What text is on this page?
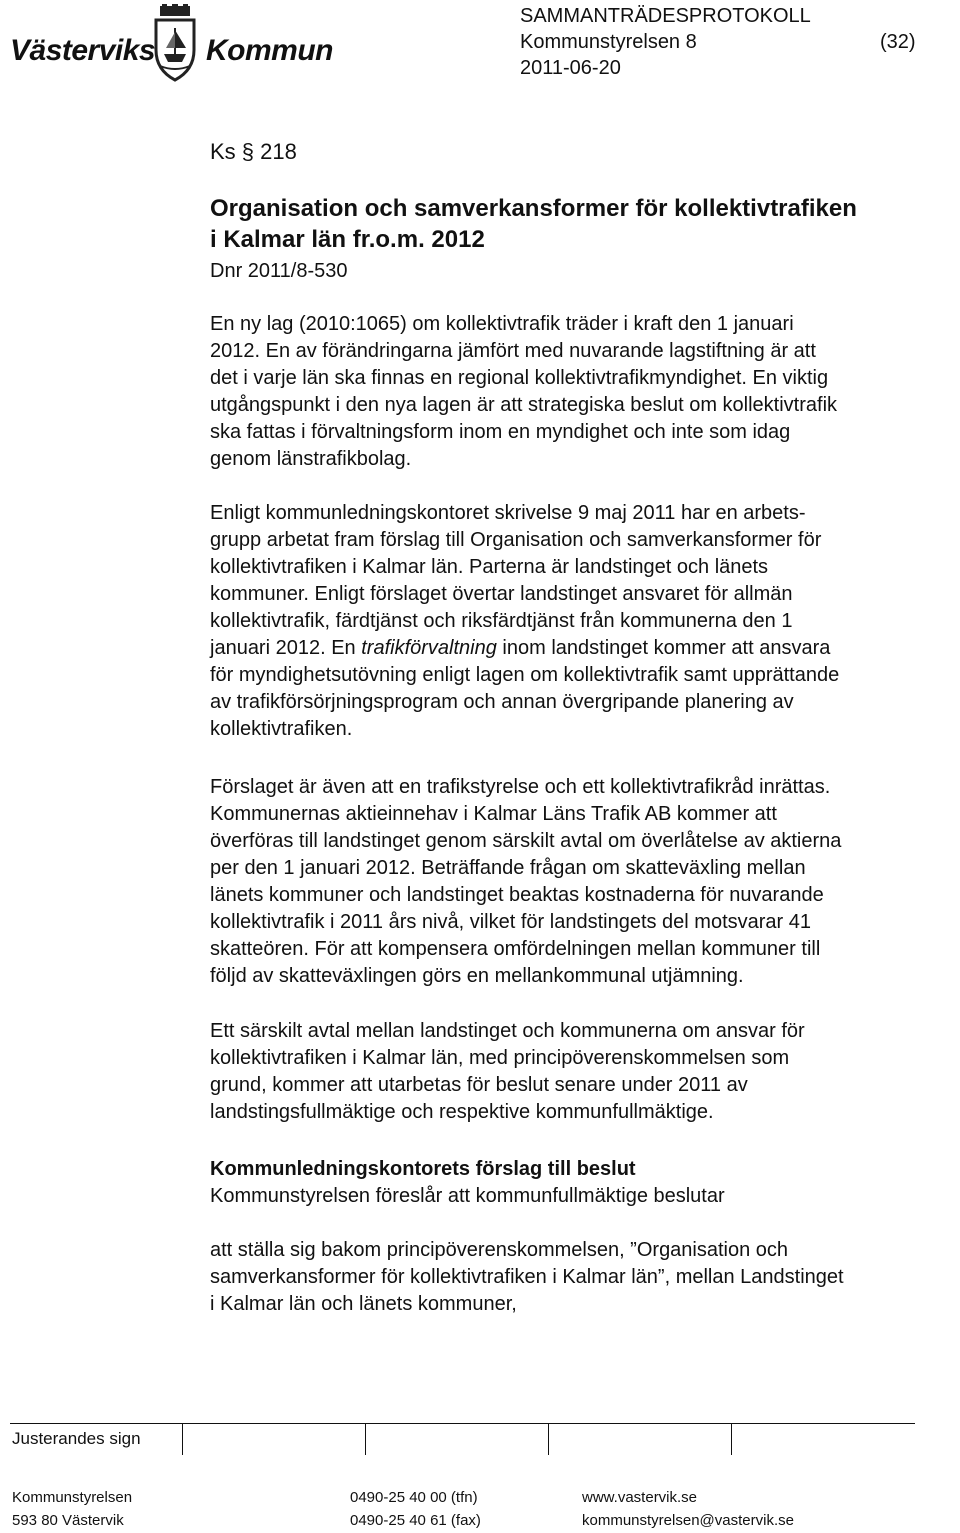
Västerviks Kommun
SAMMANTRÄDESPROTOKOLL
Kommunstyrelsen 8	(32)
2011-06-20
Ks § 218
Organisation och samverkansformer för kollektivtrafiken
i Kalmar län fr.o.m. 2012
Dnr 2011/8-530

En ny lag (2010:1065) om kollektivtrafik träder i kraft den 1 januari
2012. En av förändringarna jämfört med nuvarande lagstiftning är att
det i varje län ska finnas en regional kollektivtrafikmyndighet. En viktig
utgångspunkt i den nya lagen är att strategiska beslut om kollektivtrafik
ska fattas i förvaltningsform inom en myndighet och inte som idag
genom länstrafikbolag.

Enligt kommunledningskontoret skrivelse 9 maj 2011 har en arbets-
grupp arbetat fram förslag till Organisation och samverkansformer för
kollektivtrafiken i Kalmar län. Parterna är landstinget och länets
kommuner. Enligt förslaget övertar landstinget ansvaret för allmän
kollektivtrafik, färdtjänst och riksfärdtjänst från kommunerna den 1
januari 2012. En trafikförvaltning inom landstinget kommer att ansvara
för myndighetsutövning enligt lagen om kollektivtrafik samt upprättande
av trafikförsörjningsprogram och annan övergripande planering av
kollektivtrafiken.

Förslaget är även att en trafikstyrelse och ett kollektivtrafikråd inrättas.
Kommunernas aktieinnehav i Kalmar Läns Trafik AB kommer att
överföras till landstinget genom särskilt avtal om överlåtelse av aktierna
per den 1 januari 2012. Beträffande frågan om skatteväxling mellan
länets kommuner och landstinget beaktas kostnaderna för nuvarande
kollektivtrafik i 2011 års nivå, vilket för landstingets del motsvarar 41
skatteören. För att kompensera omfördelningen mellan kommuner till
följd av skatteväxlingen görs en mellankommunal utjämning.

Ett särskilt avtal mellan landstinget och kommunerna om ansvar för
kollektivtrafiken i Kalmar län, med principöverenskommelsen som
grund, kommer att utarbetas för beslut senare under 2011 av
landstingsfullmäktige och respektive kommunfullmäktige.

Kommunledningskontorets förslag till beslut
Kommunstyrelsen föreslår att kommunfullmäktige beslutar

att ställa sig bakom principöverenskommelsen, ”Organisation och
samverkansformer för kollektivtrafiken i Kalmar län”, mellan Landstinget
i Kalmar län och länets kommuner,

Justerandes sign
Kommunstyrelsen
593 80 Västervik
0490-25 40 00 (tfn)
0490-25 40 61 (fax)
www.vastervik.se
kommunstyrelsen@vastervik.se
